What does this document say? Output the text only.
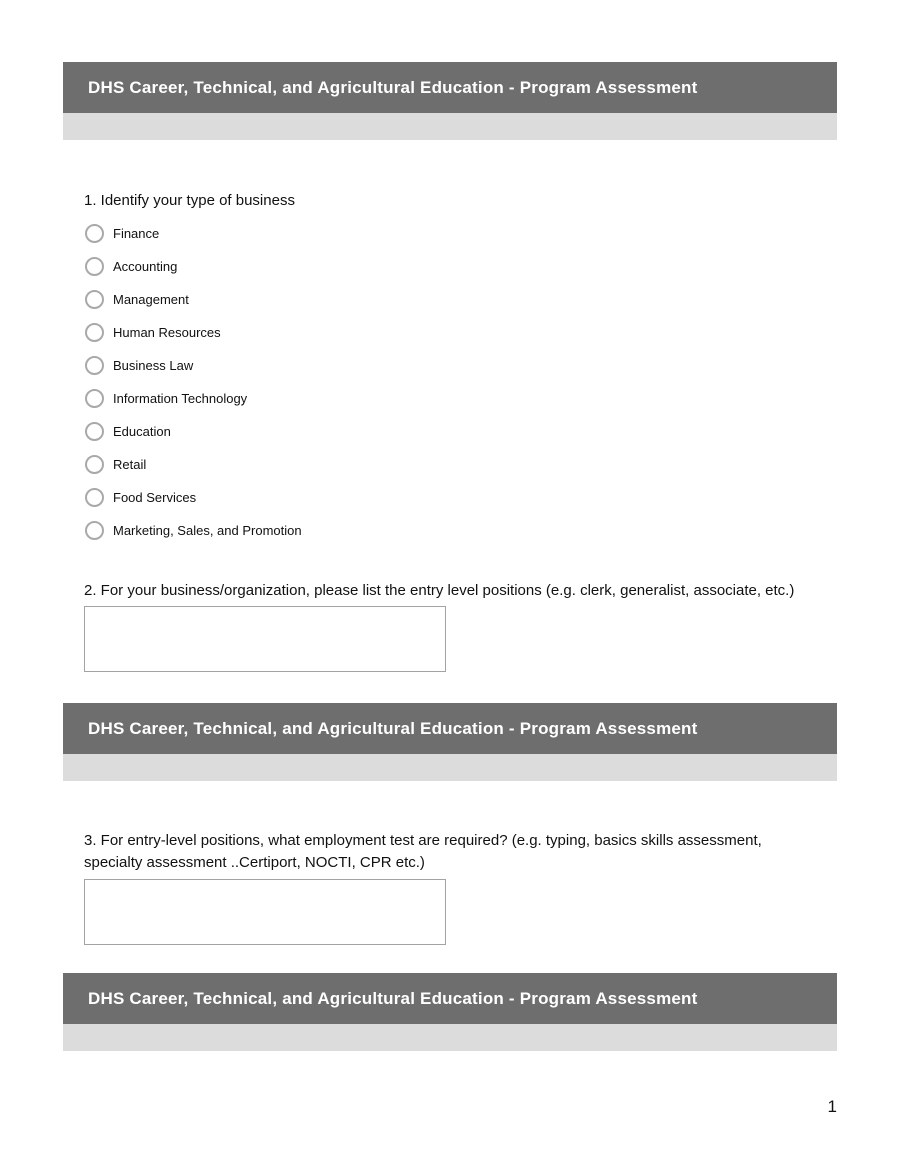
DHS Career, Technical, and Agricultural Education - Program Assessment
1. Identify your type of business
Finance
Accounting
Management
Human Resources
Business Law
Information Technology
Education
Retail
Food Services
Marketing, Sales, and Promotion
2. For your business/organization, please list the entry level positions (e.g. clerk, generalist, associate, etc.)
DHS Career, Technical, and Agricultural Education - Program Assessment
3. For entry-level positions, what employment test are required? (e.g. typing, basics skills assessment, specialty assessment ..Certiport, NOCTI, CPR etc.)
DHS Career, Technical, and Agricultural Education - Program Assessment
1
